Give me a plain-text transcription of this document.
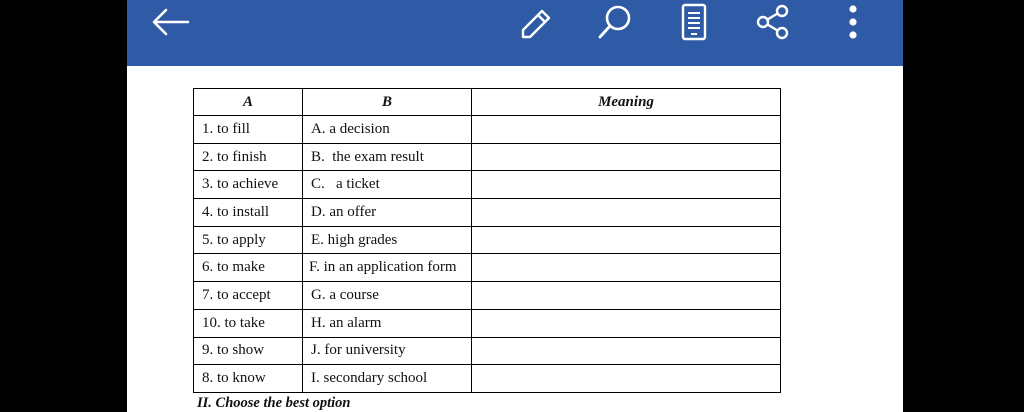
A	B	Meaning
1. to fill	A. a decision	
2. to finish	B.  the exam result	
3. to achieve	C.   a ticket	
4. to install	D. an offer	
5. to apply	E. high grades	
6. to make	F. in an application form	
7. to accept	G. a course	
10. to take	H. an alarm	
9. to show	J. for university	
8. to know	I. secondary school	
II. Choose the best option
